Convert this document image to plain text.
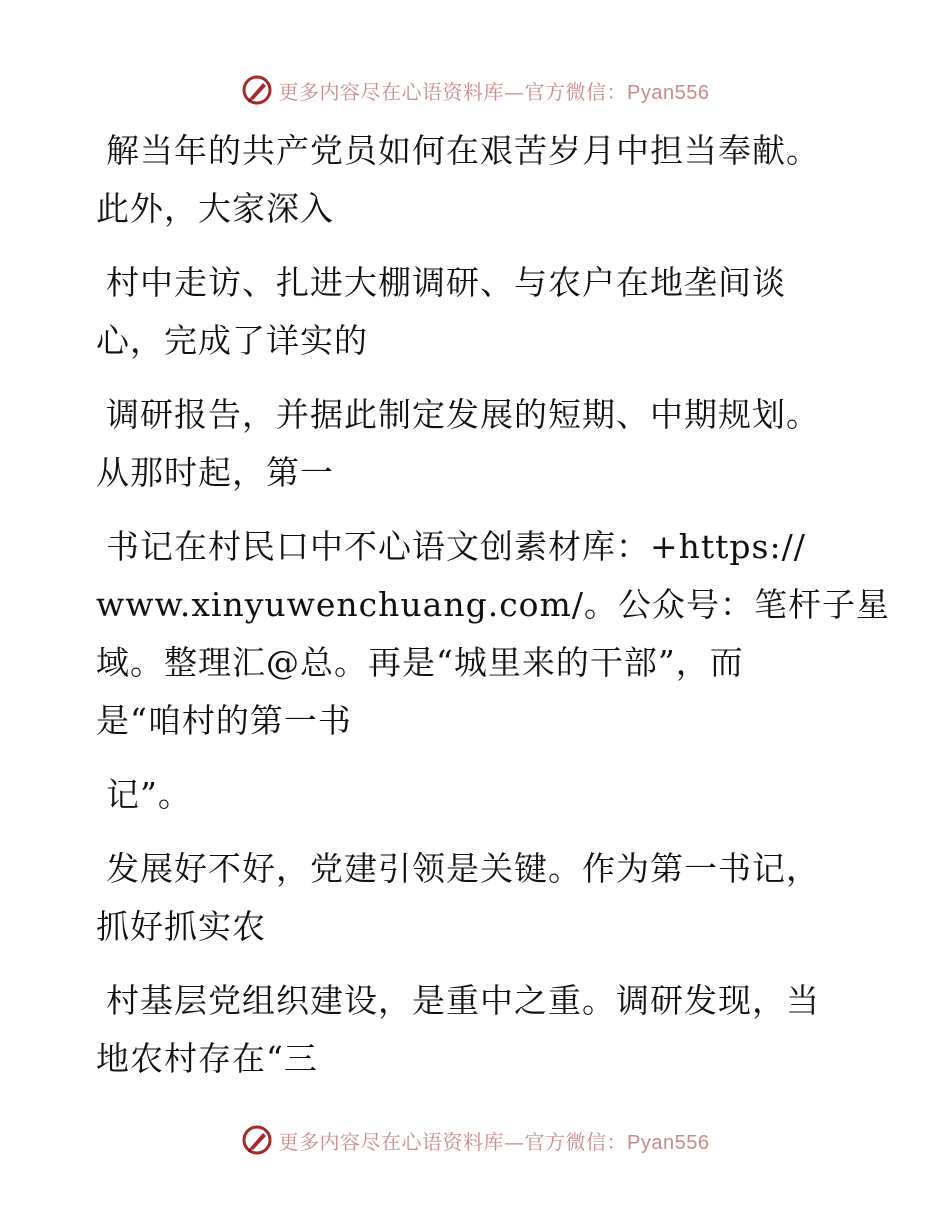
更多内容尽在心语资料库—官方微信：Pyan556
解当年的共产党员如何在艰苦岁月中担当奉献。
此外，大家深入
村中走访、扎进大棚调研、与农户在地垄间谈
心，完成了详实的
调研报告，并据此制定发展的短期、中期规划。
从那时起，第一
书记在村民口中不心语文创素材库：+https://
www.xinyuwenchuang.com/。公众号：笔杆子星
域。整理汇@总。再是“城里来的干部”，而
是“咱村的第一书
记”。
发展好不好，党建引领是关键。作为第一书记，
抓好抓实农
村基层党组织建设，是重中之重。调研发现，当
地农村存在“三
更多内容尽在心语资料库—官方微信：Pyan556
